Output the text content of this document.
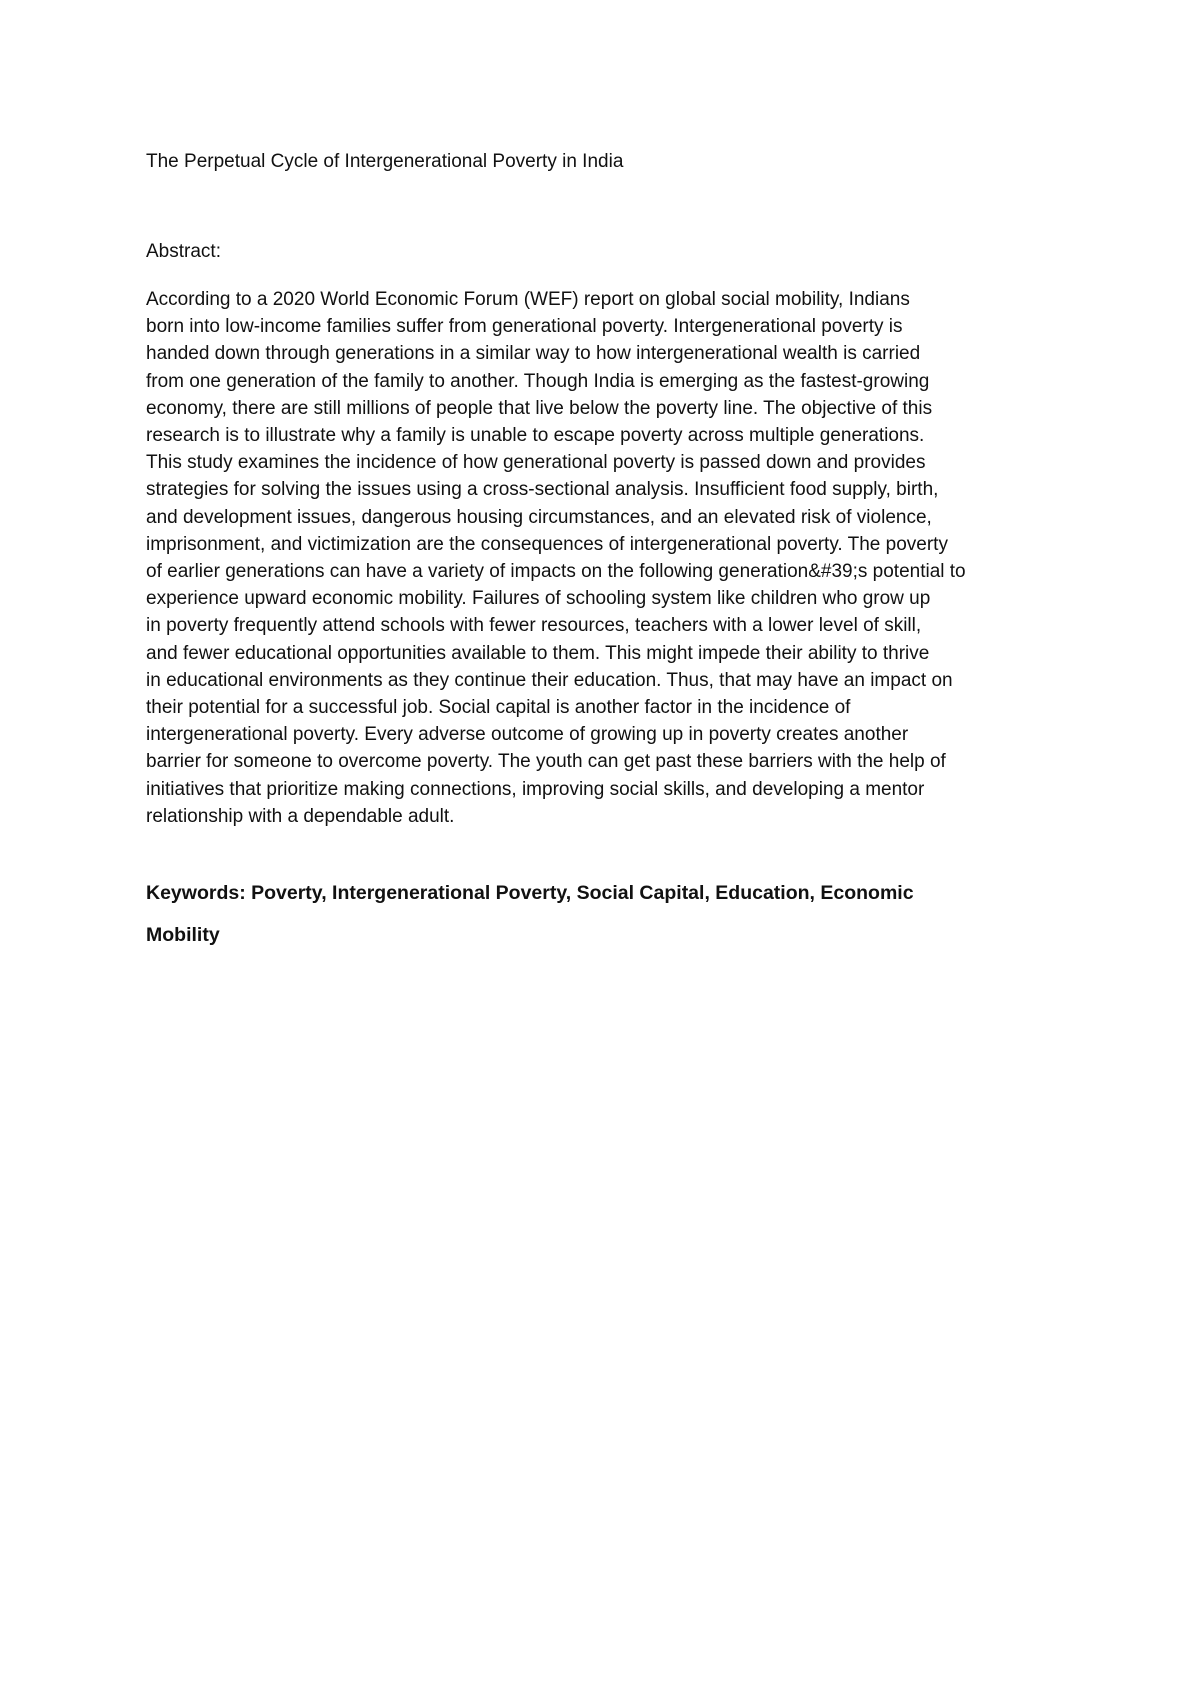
The Perpetual Cycle of Intergenerational Poverty in India
Abstract:
According to a 2020 World Economic Forum (WEF) report on global social mobility, Indians
born into low-income families suffer from generational poverty. Intergenerational poverty is
handed down through generations in a similar way to how intergenerational wealth is carried
from one generation of the family to another. Though India is emerging as the fastest-growing
economy, there are still millions of people that live below the poverty line. The objective of this
research is to illustrate why a family is unable to escape poverty across multiple generations.
This study examines the incidence of how generational poverty is passed down and provides
strategies for solving the issues using a cross-sectional analysis. Insufficient food supply, birth,
and development issues, dangerous housing circumstances, and an elevated risk of violence,
imprisonment, and victimization are the consequences of intergenerational poverty. The poverty
of earlier generations can have a variety of impacts on the following generation&#39;s potential to
experience upward economic mobility. Failures of schooling system like children who grow up
in poverty frequently attend schools with fewer resources, teachers with a lower level of skill,
and fewer educational opportunities available to them. This might impede their ability to thrive
in educational environments as they continue their education. Thus, that may have an impact on
their potential for a successful job. Social capital is another factor in the incidence of
intergenerational poverty. Every adverse outcome of growing up in poverty creates another
barrier for someone to overcome poverty. The youth can get past these barriers with the help of
initiatives that prioritize making connections, improving social skills, and developing a mentor
relationship with a dependable adult.
Keywords: Poverty, Intergenerational Poverty, Social Capital, Education, Economic
Mobility
